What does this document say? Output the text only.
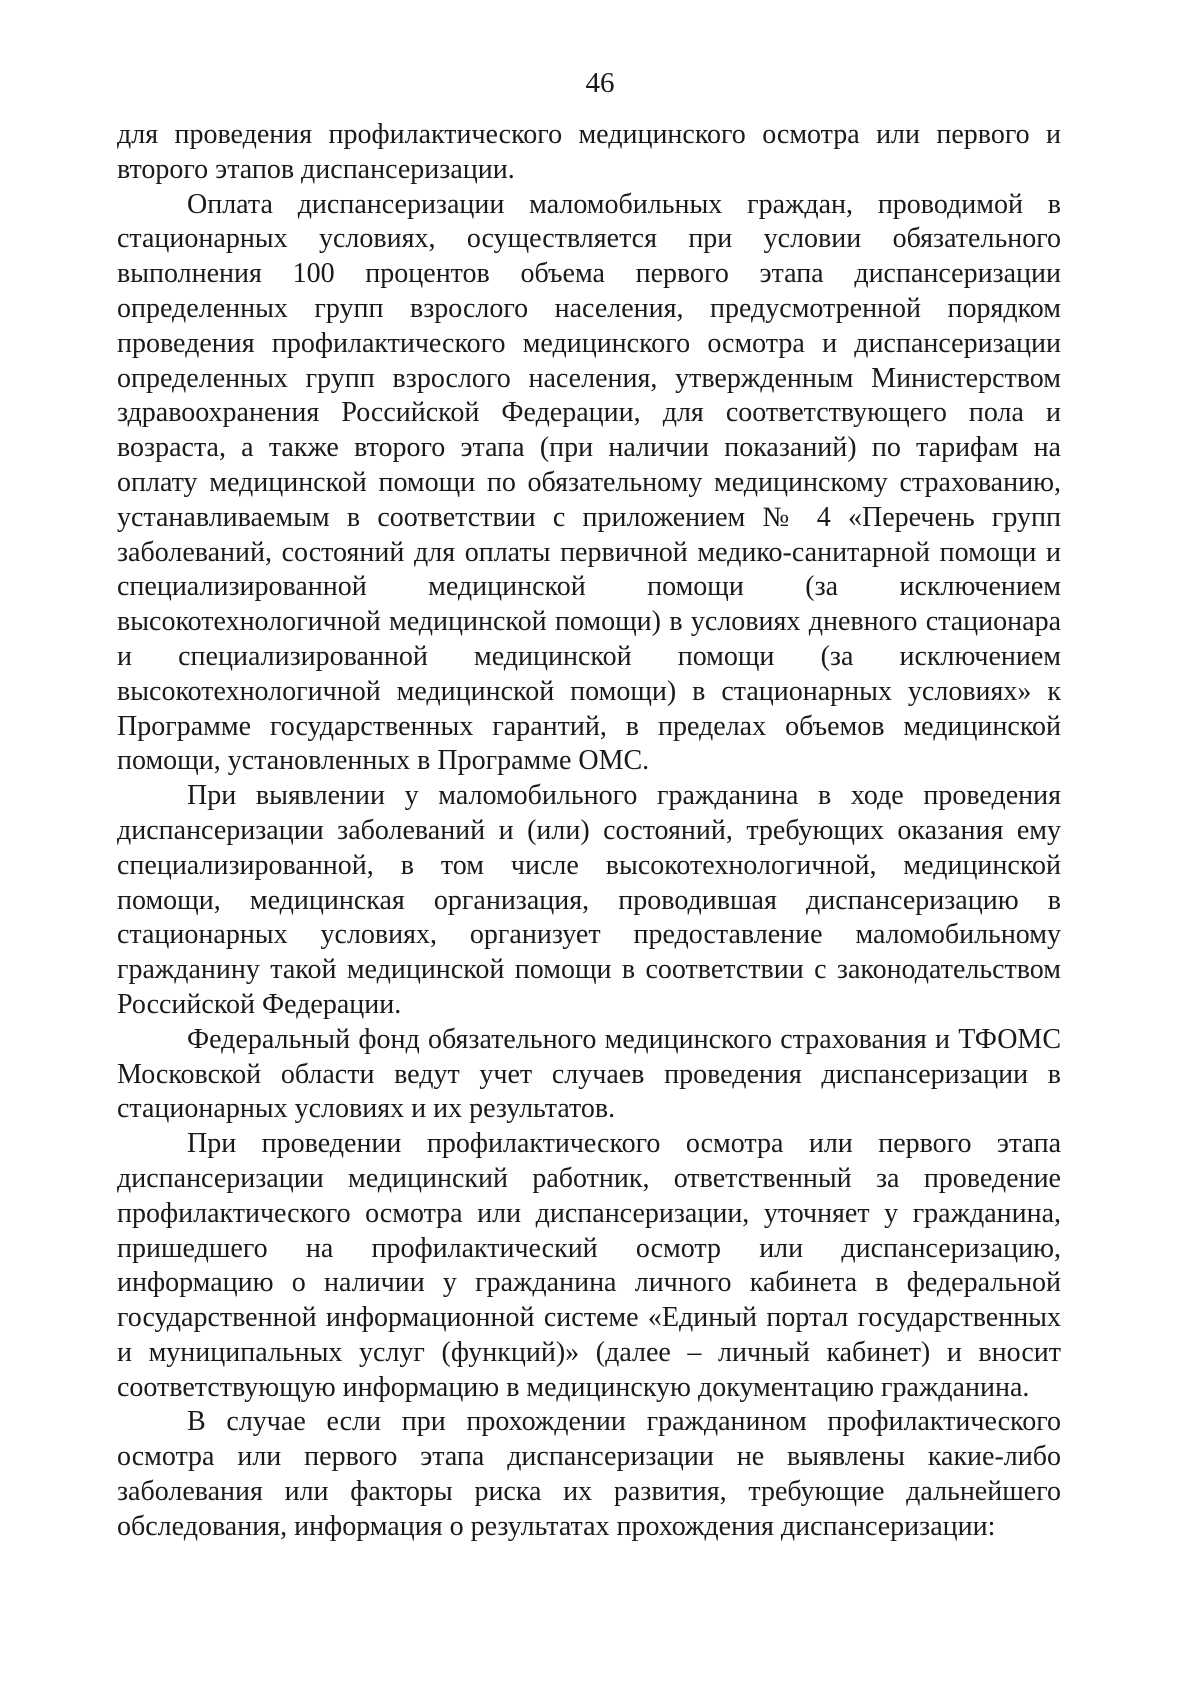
46

для проведения профилактического медицинского осмотра или первого и второго этапов диспансеризации.

Оплата диспансеризации маломобильных граждан, проводимой в стационарных условиях, осуществляется при условии обязательного выполнения 100 процентов объема первого этапа диспансеризации определенных групп взрослого населения, предусмотренной порядком проведения профилактического медицинского осмотра и диспансеризации определенных групп взрослого населения, утвержденным Министерством здравоохранения Российской Федерации, для соответствующего пола и возраста, а также второго этапа (при наличии показаний) по тарифам на оплату медицинской помощи по обязательному медицинскому страхованию, устанавливаемым в соответствии с приложением № 4 «Перечень групп заболеваний, состояний для оплаты первичной медико-санитарной помощи и специализированной медицинской помощи (за исключением высокотехнологичной медицинской помощи) в условиях дневного стационара и специализированной медицинской помощи (за исключением высокотехнологичной медицинской помощи) в стационарных условиях» к Программе государственных гарантий, в пределах объемов медицинской помощи, установленных в Программе ОМС.

При выявлении у маломобильного гражданина в ходе проведения диспансеризации заболеваний и (или) состояний, требующих оказания ему специализированной, в том числе высокотехнологичной, медицинской помощи, медицинская организация, проводившая диспансеризацию в стационарных условиях, организует предоставление маломобильному гражданину такой медицинской помощи в соответствии с законодательством Российской Федерации.

Федеральный фонд обязательного медицинского страхования и ТФОМС Московской области ведут учет случаев проведения диспансеризации в стационарных условиях и их результатов.

При проведении профилактического осмотра или первого этапа диспансеризации медицинский работник, ответственный за проведение профилактического осмотра или диспансеризации, уточняет у гражданина, пришедшего на профилактический осмотр или диспансеризацию, информацию о наличии у гражданина личного кабинета в федеральной государственной информационной системе «Единый портал государственных и муниципальных услуг (функций)» (далее – личный кабинет) и вносит соответствующую информацию в медицинскую документацию гражданина.

В случае если при прохождении гражданином профилактического осмотра или первого этапа диспансеризации не выявлены какие-либо заболевания или факторы риска их развития, требующие дальнейшего обследования, информация о результатах прохождения диспансеризации:
